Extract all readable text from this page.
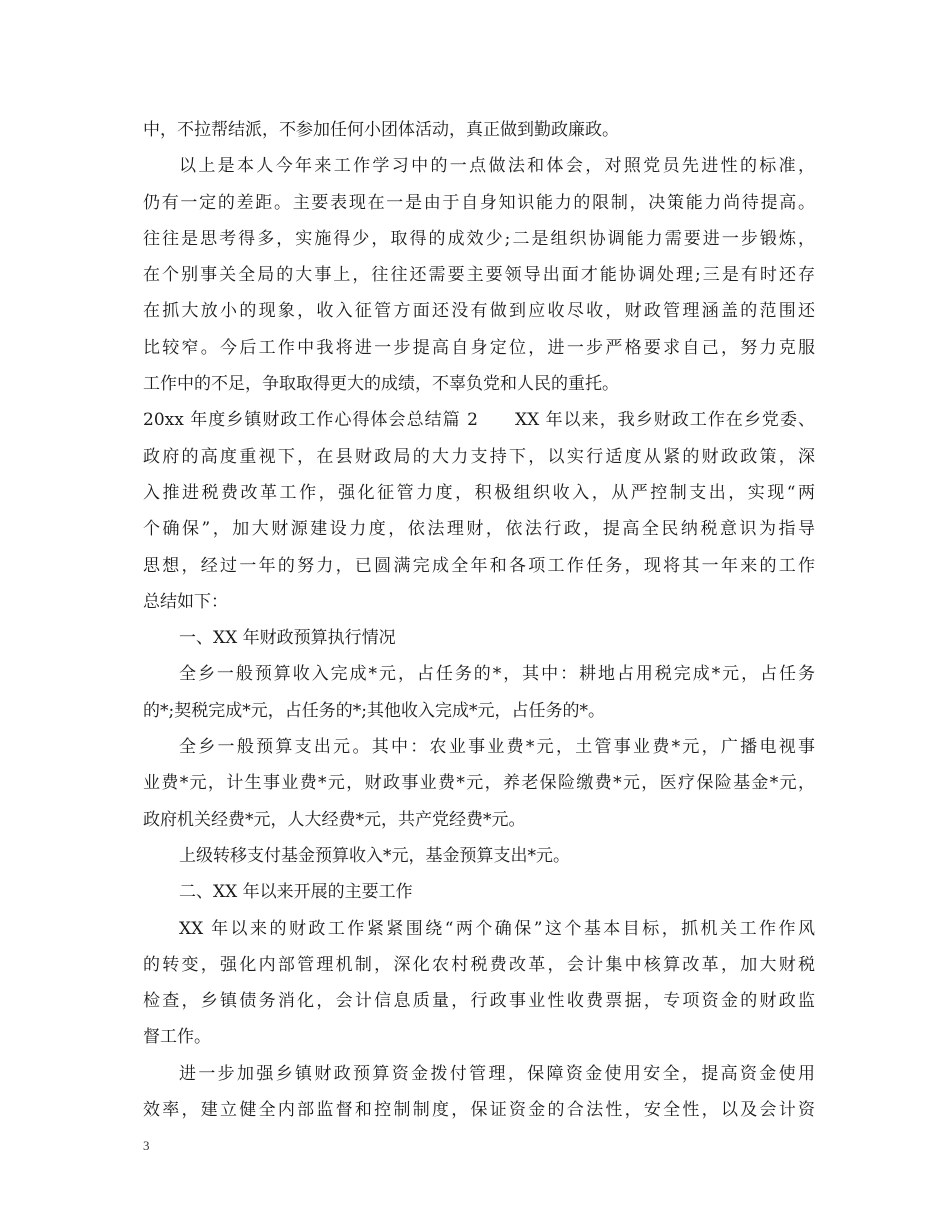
中，不拉帮结派，不参加任何小团体活动，真正做到勤政廉政。
以上是本人今年来工作学习中的一点做法和体会，对照党员先进性的标准，
仍有一定的差距。主要表现在一是由于自身知识能力的限制，决策能力尚待提高。
往往是思考得多，实施得少，取得的成效少;二是组织协调能力需要进一步锻炼，
在个别事关全局的大事上，往往还需要主要领导出面才能协调处理;三是有时还存
在抓大放小的现象，收入征管方面还没有做到应收尽收，财政管理涵盖的范围还
比较窄。今后工作中我将进一步提高自身定位，进一步严格要求自己，努力克服
工作中的不足，争取取得更大的成绩，不辜负党和人民的重托。
20xx 年度乡镇财政工作心得体会总结篇 2　　XX 年以来，我乡财政工作在乡党委、
政府的高度重视下，在县财政局的大力支持下，以实行适度从紧的财政政策，深
入推进税费改革工作，强化征管力度，积极组织收入，从严控制支出，实现“两
个确保”，加大财源建设力度，依法理财，依法行政，提高全民纳税意识为指导
思想，经过一年的努力，已圆满完成全年和各项工作任务，现将其一年来的工作
总结如下：
一、XX 年财政预算执行情况
全乡一般预算收入完成*元，占任务的*，其中：耕地占用税完成*元，占任务
的*;契税完成*元，占任务的*;其他收入完成*元，占任务的*。
全乡一般预算支出元。其中：农业事业费*元，土管事业费*元，广播电视事
业费*元，计生事业费*元，财政事业费*元，养老保险缴费*元，医疗保险基金*元，
政府机关经费*元，人大经费*元，共产党经费*元。
上级转移支付基金预算收入*元，基金预算支出*元。
二、XX 年以来开展的主要工作
XX 年以来的财政工作紧紧围绕“两个确保”这个基本目标，抓机关工作作风
的转变，强化内部管理机制，深化农村税费改革，会计集中核算改革，加大财税
检查，乡镇债务消化，会计信息质量，行政事业性收费票据，专项资金的财政监
督工作。
进一步加强乡镇财政预算资金拨付管理，保障资金使用安全，提高资金使用
效率，建立健全内部监督和控制制度，保证资金的合法性，安全性，以及会计资
3
